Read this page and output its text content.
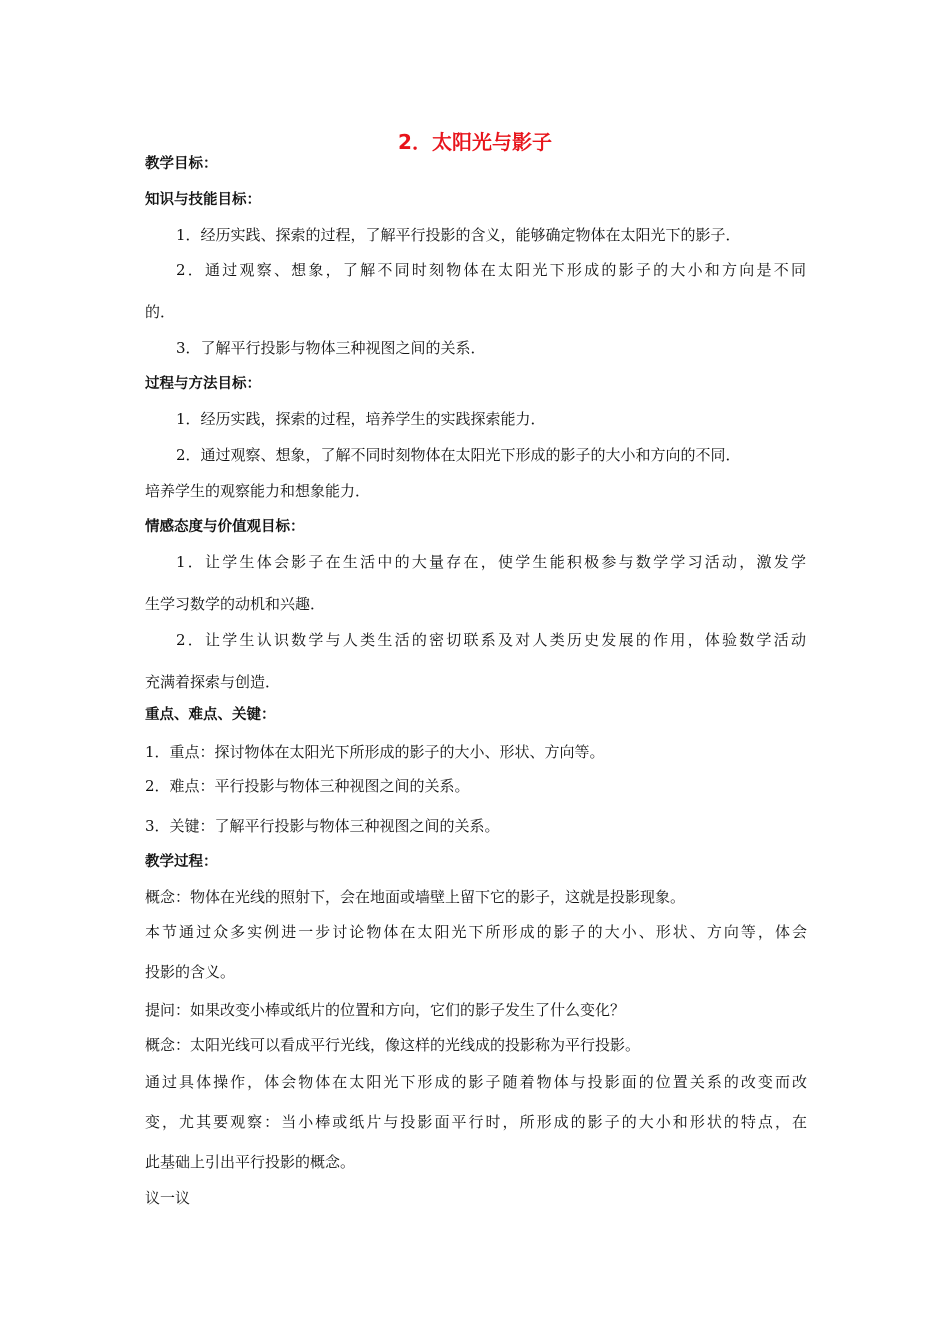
2．太阳光与影子
教学目标：
知识与技能目标：
1．经历实践、探索的过程，了解平行投影的含义，能够确定物体在太阳光下的影子．
2．通过观察、想象，了解不同时刻物体在太阳光下形成的影子的大小和方向是不同
的．
3．了解平行投影与物体三种视图之间的关系．
过程与方法目标：
1．经历实践，探索的过程，培养学生的实践探索能力．
2．通过观察、想象，了解不同时刻物体在太阳光下形成的影子的大小和方向的不同．
培养学生的观察能力和想象能力．
情感态度与价值观目标：
1．让学生体会影子在生活中的大量存在，使学生能积极参与数学学习活动，激发学
生学习数学的动机和兴趣．
2．让学生认识数学与人类生活的密切联系及对人类历史发展的作用，体验数学活动
充满着探索与创造．
重点、难点、关键：
1．重点：探讨物体在太阳光下所形成的影子的大小、形状、方向等。
2．难点：平行投影与物体三种视图之间的关系。
3．关键：了解平行投影与物体三种视图之间的关系。
教学过程：
概念：物体在光线的照射下，会在地面或墙壁上留下它的影子，这就是投影现象。
本节通过众多实例进一步讨论物体在太阳光下所形成的影子的大小、形状、方向等，体会
投影的含义。
提问：如果改变小棒或纸片的位置和方向，它们的影子发生了什么变化？
概念：太阳光线可以看成平行光线，像这样的光线成的投影称为平行投影。
通过具体操作，体会物体在太阳光下形成的影子随着物体与投影面的位置关系的改变而改
变，尤其要观察：当小棒或纸片与投影面平行时，所形成的影子的大小和形状的特点，在
此基础上引出平行投影的概念。
议一议
